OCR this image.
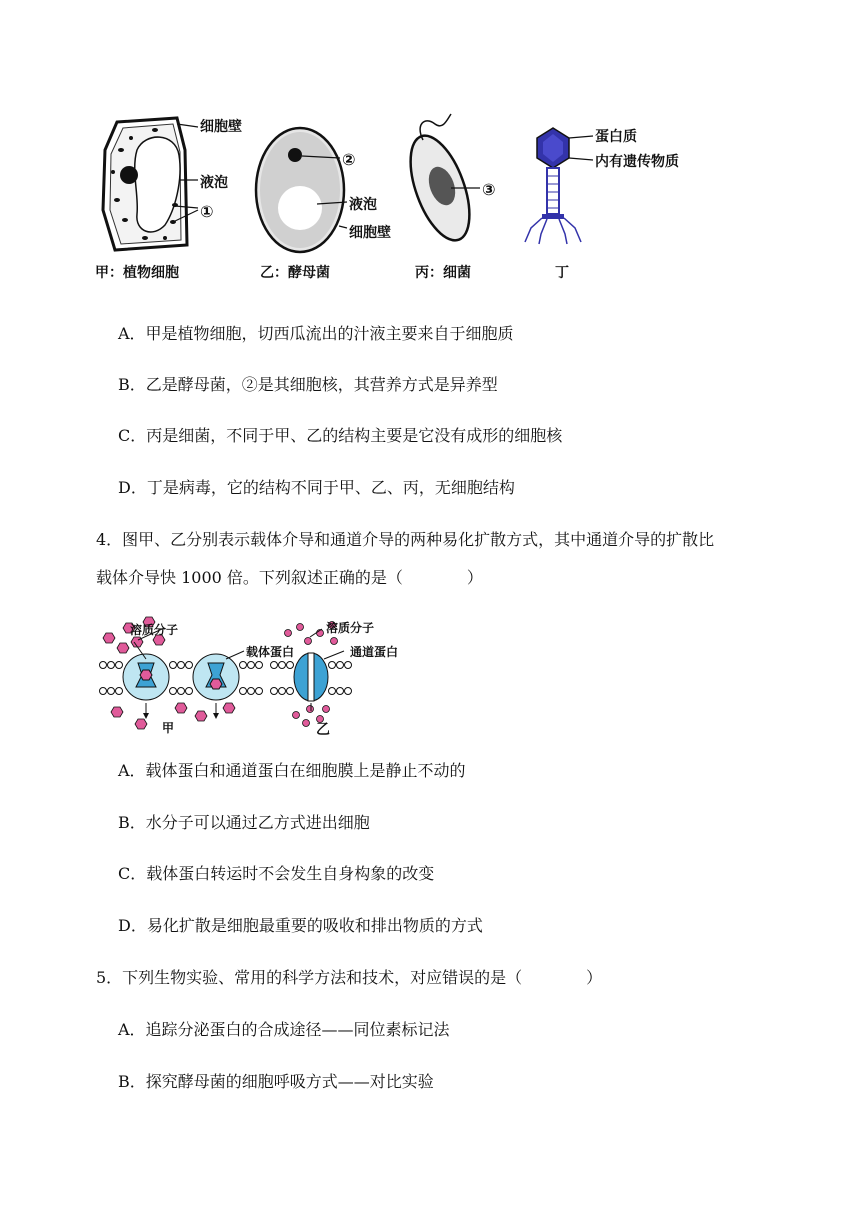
细胞壁
液泡
①
②
液泡
细胞壁
③
蛋白质
内有遗传物质
甲：植物细胞	乙：酵母菌	丙：细菌	丁
A．甲是植物细胞，切西瓜流出的汁液主要来自于细胞质
B．乙是酵母菌，②是其细胞核，其营养方式是异养型
C．丙是细菌，不同于甲、乙的结构主要是它没有成形的细胞核
D．丁是病毒，它的结构不同于甲、乙、丙，无细胞结构
4．图甲、乙分别表示载体介导和通道介导的两种易化扩散方式，其中通道介导的扩散比
载体介导快 1000 倍。下列叙述正确的是（　　　　）
溶质分子
载体蛋白
甲
溶质分子
通道蛋白
乙
A．载体蛋白和通道蛋白在细胞膜上是静止不动的
B．水分子可以通过乙方式进出细胞
C．载体蛋白转运时不会发生自身构象的改变
D．易化扩散是细胞最重要的吸收和排出物质的方式
5．下列生物实验、常用的科学方法和技术，对应错误的是（　　　　）
A．追踪分泌蛋白的合成途径——同位素标记法
B．探究酵母菌的细胞呼吸方式——对比实验
